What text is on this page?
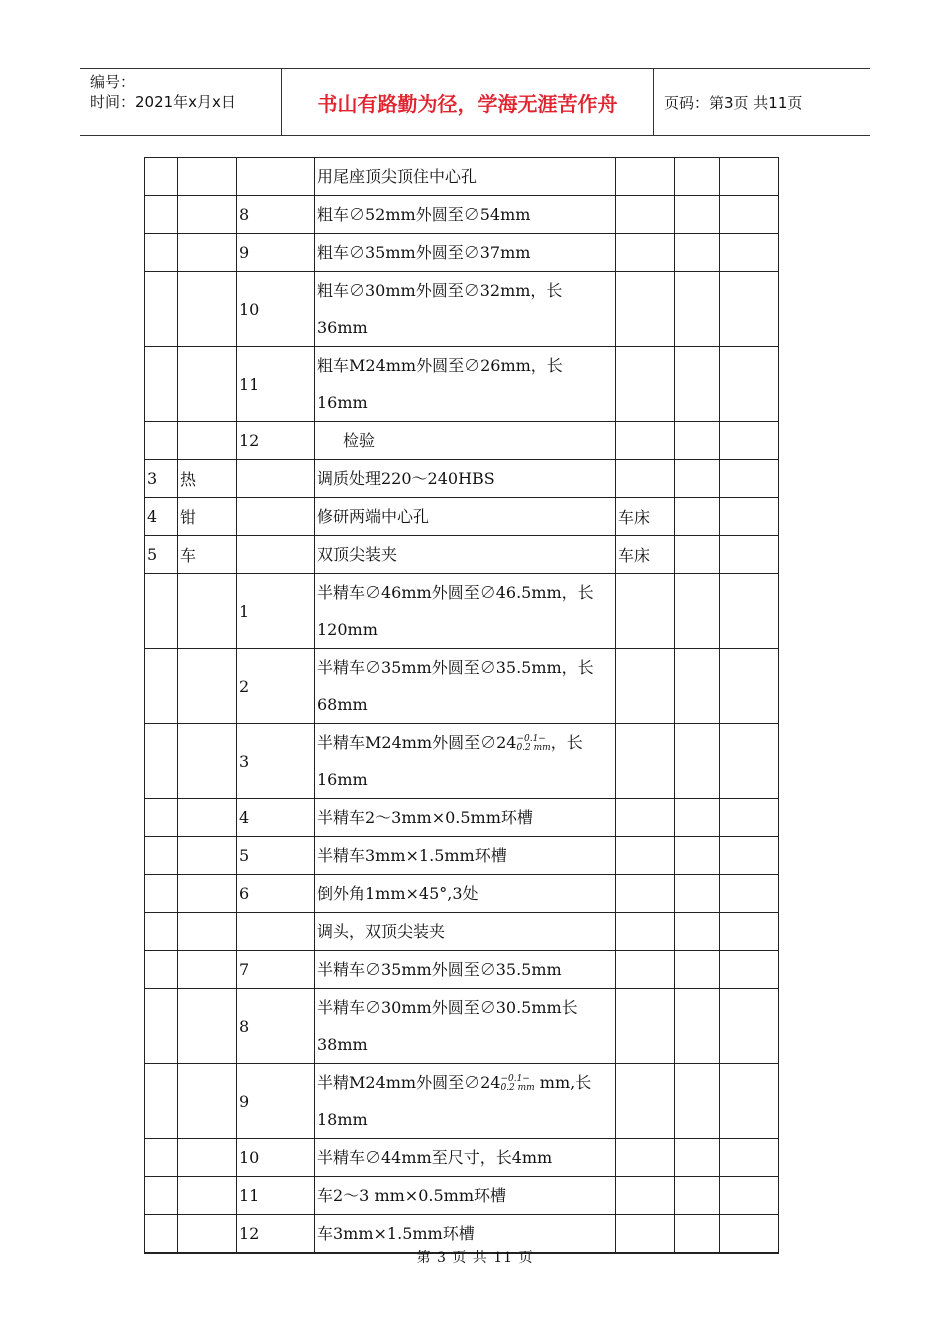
编号：
时间：2021年x月x日	书山有路勤为径，学海无涯苦作舟	页码：第3页 共11页
			用尾座顶尖顶住中心孔				
		8	粗车∅52mm外圆至∅54mm				
		9	粗车∅35mm外圆至∅37mm				
		10	粗车∅30mm外圆至∅32mm，长36mm				
		11	粗车M24mm外圆至∅26mm，长16mm				
		12	检验				
3	热		调质处理220～240HBS				
4	钳		修研两端中心孔	车床			
5	车		双顶尖装夹	车床			
		1	半精车∅46mm外圆至∅46.5mm，长120mm				
		2	半精车∅35mm外圆至∅35.5mm，长68mm				
		3	半精车M24mm外圆至∅24 −0.1−
0.2 mm ，长16mm				
		4	半精车2～3mm×0.5mm环槽				
		5	半精车3mm×1.5mm环槽				
		6	倒外角1mm×45°,3处				
			调头，双顶尖装夹				
		7	半精车∅35mm外圆至∅35.5mm				
		8	半精车∅30mm外圆至∅30.5mm长38mm				
		9	半精M24mm外圆至∅24 −0.1−
0.2 mm mm,长18mm				
		10	半精车∅44mm至尺寸，长4mm				
		11	车2～3 mm×0.5mm环槽				
		12	车3mm×1.5mm环槽				
第 3 页 共 11 页
